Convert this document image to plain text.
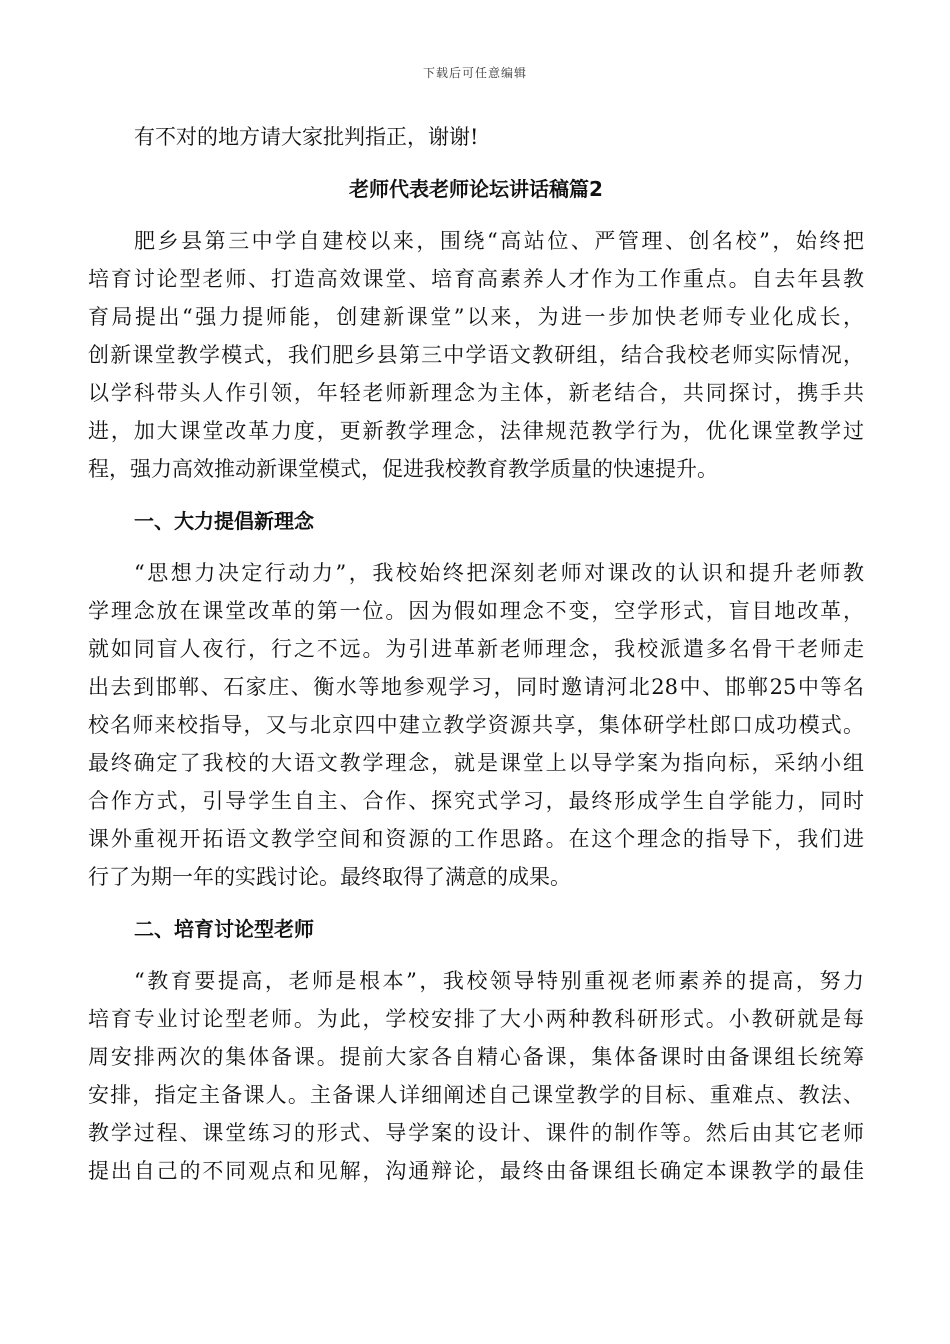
下载后可任意编辑
有不对的地方请大家批判指正，谢谢!
老师代表老师论坛讲话稿篇2
肥乡县第三中学自建校以来，围绕“高站位、严管理、创名校”，始终把
培育讨论型老师、打造高效课堂、培育高素养人才作为工作重点。自去年县教
育局提出“强力提师能，创建新课堂”以来，为进一步加快老师专业化成长，
创新课堂教学模式，我们肥乡县第三中学语文教研组，结合我校老师实际情况，
以学科带头人作引领，年轻老师新理念为主体，新老结合，共同探讨，携手共
进，加大课堂改革力度，更新教学理念，法律规范教学行为，优化课堂教学过
程，强力高效推动新课堂模式，促进我校教育教学质量的快速提升。
一、大力提倡新理念
“思想力决定行动力”，我校始终把深刻老师对课改的认识和提升老师教
学理念放在课堂改革的第一位。因为假如理念不变，空学形式，盲目地改革，
就如同盲人夜行，行之不远。为引进革新老师理念，我校派遣多名骨干老师走
出去到邯郸、石家庄、衡水等地参观学习，同时邀请河北28中、邯郸25中等名
校名师来校指导，又与北京四中建立教学资源共享，集体研学杜郎口成功模式。
最终确定了我校的大语文教学理念，就是课堂上以导学案为指向标，采纳小组
合作方式，引导学生自主、合作、探究式学习，最终形成学生自学能力，同时
课外重视开拓语文教学空间和资源的工作思路。在这个理念的指导下，我们进
行了为期一年的实践讨论。最终取得了满意的成果。
二、培育讨论型老师
“教育要提高，老师是根本”，我校领导特别重视老师素养的提高，努力
培育专业讨论型老师。为此，学校安排了大小两种教科研形式。小教研就是每
周安排两次的集体备课。提前大家各自精心备课，集体备课时由备课组长统筹
安排，指定主备课人。主备课人详细阐述自己课堂教学的目标、重难点、教法、
教学过程、课堂练习的形式、导学案的设计、课件的制作等。然后由其它老师
提出自己的不同观点和见解，沟通辩论，最终由备课组长确定本课教学的最佳
